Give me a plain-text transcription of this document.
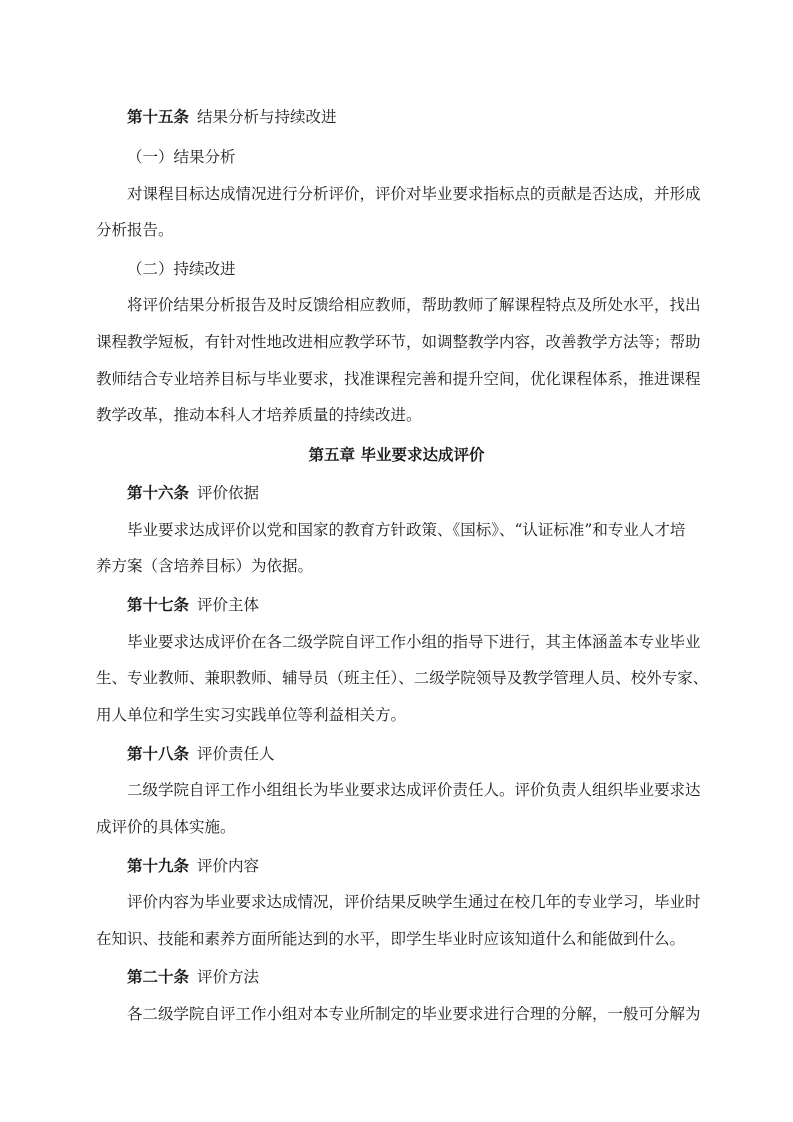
第十五条 结果分析与持续改进
（一）结果分析
对课程目标达成情况进行分析评价，评价对毕业要求指标点的贡献是否达成，并形成
分析报告。
（二）持续改进
将评价结果分析报告及时反馈给相应教师，帮助教师了解课程特点及所处水平，找出
课程教学短板，有针对性地改进相应教学环节，如调整教学内容，改善教学方法等；帮助
教师结合专业培养目标与毕业要求，找准课程完善和提升空间，优化课程体系，推进课程
教学改革，推动本科人才培养质量的持续改进。
第五章 毕业要求达成评价
第十六条 评价依据
毕业要求达成评价以党和国家的教育方针政策、《国标》、“认证标准”和专业人才培
养方案（含培养目标）为依据。
第十七条 评价主体
毕业要求达成评价在各二级学院自评工作小组的指导下进行，其主体涵盖本专业毕业
生、专业教师、兼职教师、辅导员（班主任）、二级学院领导及教学管理人员、校外专家、
用人单位和学生实习实践单位等利益相关方。
第十八条 评价责任人
二级学院自评工作小组组长为毕业要求达成评价责任人。评价负责人组织毕业要求达
成评价的具体实施。
第十九条 评价内容
评价内容为毕业要求达成情况，评价结果反映学生通过在校几年的专业学习，毕业时
在知识、技能和素养方面所能达到的水平，即学生毕业时应该知道什么和能做到什么。
第二十条 评价方法
各二级学院自评工作小组对本专业所制定的毕业要求进行合理的分解，一般可分解为
